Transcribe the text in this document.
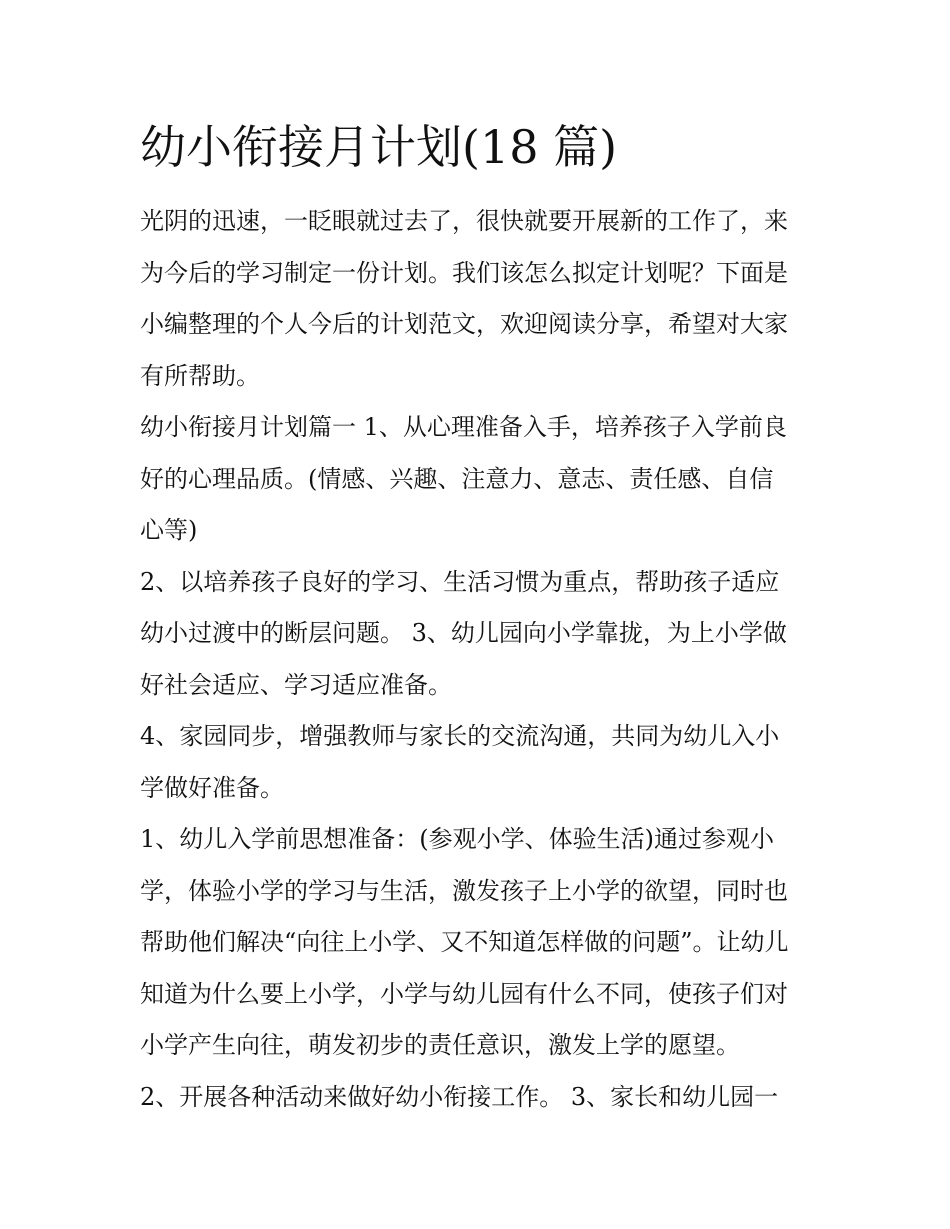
幼小衔接月计划(18 篇)
光阴的迅速，一眨眼就过去了，很快就要开展新的工作了，来
为今后的学习制定一份计划。我们该怎么拟定计划呢？下面是
小编整理的个人今后的计划范文，欢迎阅读分享，希望对大家
有所帮助。
幼小衔接月计划篇一 1、从心理准备入手，培养孩子入学前良
好的心理品质。(情感、兴趣、注意力、意志、责任感、自信
心等)
2、以培养孩子良好的学习、生活习惯为重点，帮助孩子适应
幼小过渡中的断层问题。 3、幼儿园向小学靠拢，为上小学做
好社会适应、学习适应准备。
4、家园同步，增强教师与家长的交流沟通，共同为幼儿入小
学做好准备。
1、幼儿入学前思想准备：(参观小学、体验生活)通过参观小
学，体验小学的学习与生活，激发孩子上小学的欲望，同时也
帮助他们解决“向往上小学、又不知道怎样做的问题”。让幼儿
知道为什么要上小学，小学与幼儿园有什么不同，使孩子们对
小学产生向往，萌发初步的责任意识，激发上学的愿望。
2、开展各种活动来做好幼小衔接工作。 3、家长和幼儿园一
